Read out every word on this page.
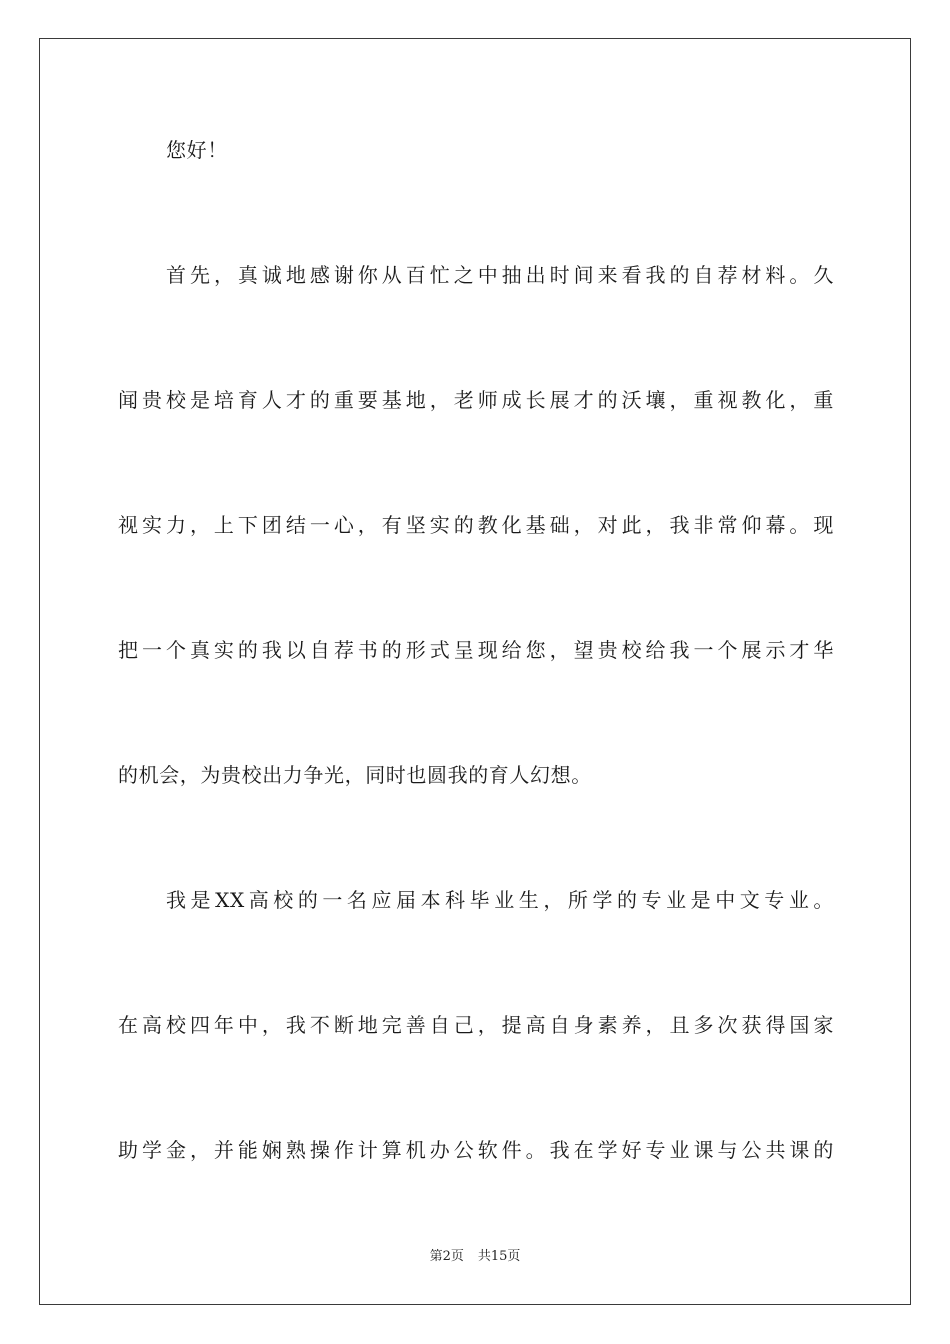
您好！
首先，真诚地感谢你从百忙之中抽出时间来看我的自荐材料。久
闻贵校是培育人才的重要基地，老师成长展才的沃壤，重视教化，重
视实力，上下团结一心，有坚实的教化基础，对此，我非常仰幕。现
把一个真实的我以自荐书的形式呈现给您，望贵校给我一个展示才华
的机会，为贵校出力争光，同时也圆我的育人幻想。
我是XX高校的一名应届本科毕业生，所学的专业是中文专业。
在高校四年中，我不断地完善自己，提高自身素养，且多次获得国家
助学金，并能娴熟操作计算机办公软件。我在学好专业课与公共课的
第2页 共15页
